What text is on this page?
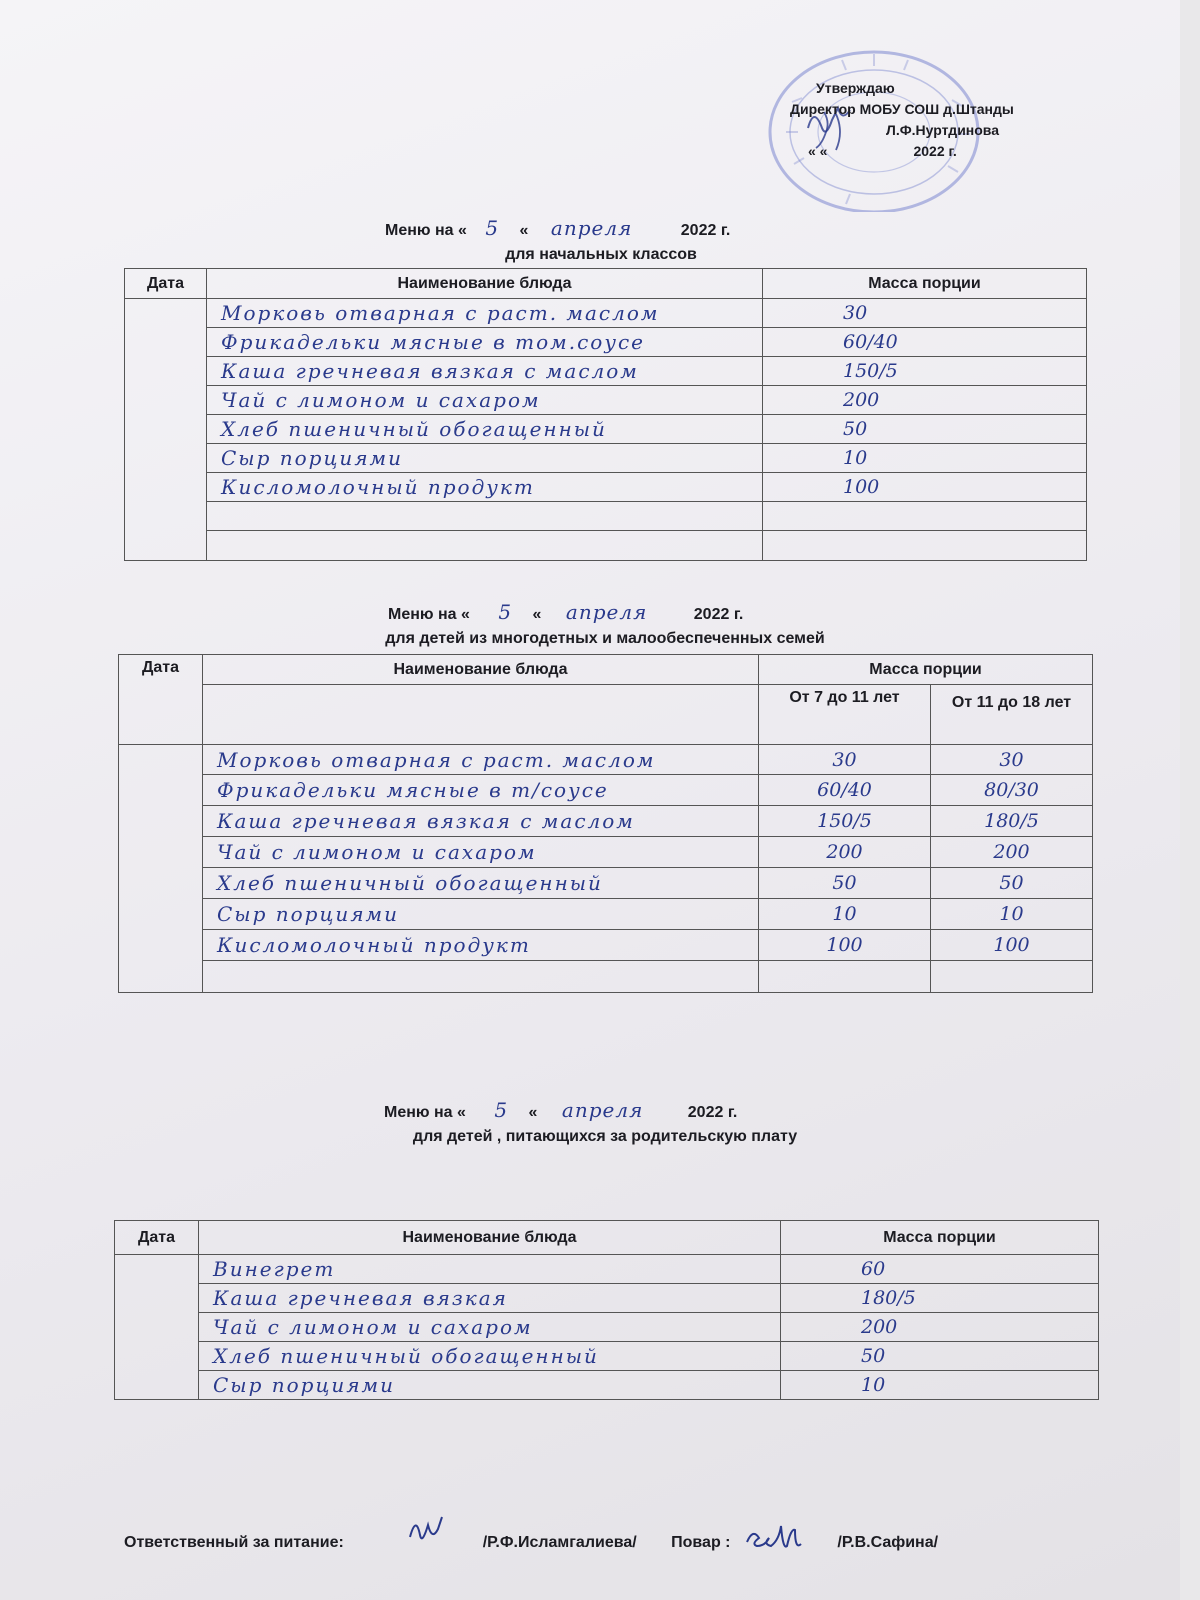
Утверждаю
Директор МОБУ СОШ д.Штанды
Л.Ф.Нуртдинова
« «	2022 г.
Меню на « 5 « апреля	2022 г.
для начальных классов
Дата	Наименование блюда	Масса порции
	Морковь отварная с раст. маслом	30
	Фрикадельки мясные в том.соусе	60/40
	Каша гречневая вязкая с маслом	150/5
	Чай с лимоном и сахаром	200
	Хлеб пшеничный обогащенный	50
	Сыр порциями	10
	Кисломолочный продукт	100

Меню на « 5 « апреля	2022 г.
для детей из многодетных и малообеспеченных семей
Дата	Наименование блюда	Масса порции	
		От 7 до 11 лет	От 11 до 18 лет
	Морковь отварная с раст. маслом	30	30
	Фрикадельки мясные в т/соусе	60/40	80/30
	Каша гречневая вязкая с маслом	150/5	180/5
	Чай с лимоном и сахаром	200	200
	Хлеб пшеничный обогащенный	50	50
	Сыр порциями	10	10
	Кисломолочный продукт	100	100

Меню на « 5 « апреля	2022 г.
для детей , питающихся за родительскую плату
Дата	Наименование блюда	Масса порции
	Винегрет	60
	Каша гречневая вязкая	180/5
	Чай с лимоном и сахаром	200
	Хлеб пшеничный обогащенный	50
	Сыр порциями	10
Ответственный за питание:	/Р.Ф.Исламгалиева/ Повар :	/Р.В.Сафина/
